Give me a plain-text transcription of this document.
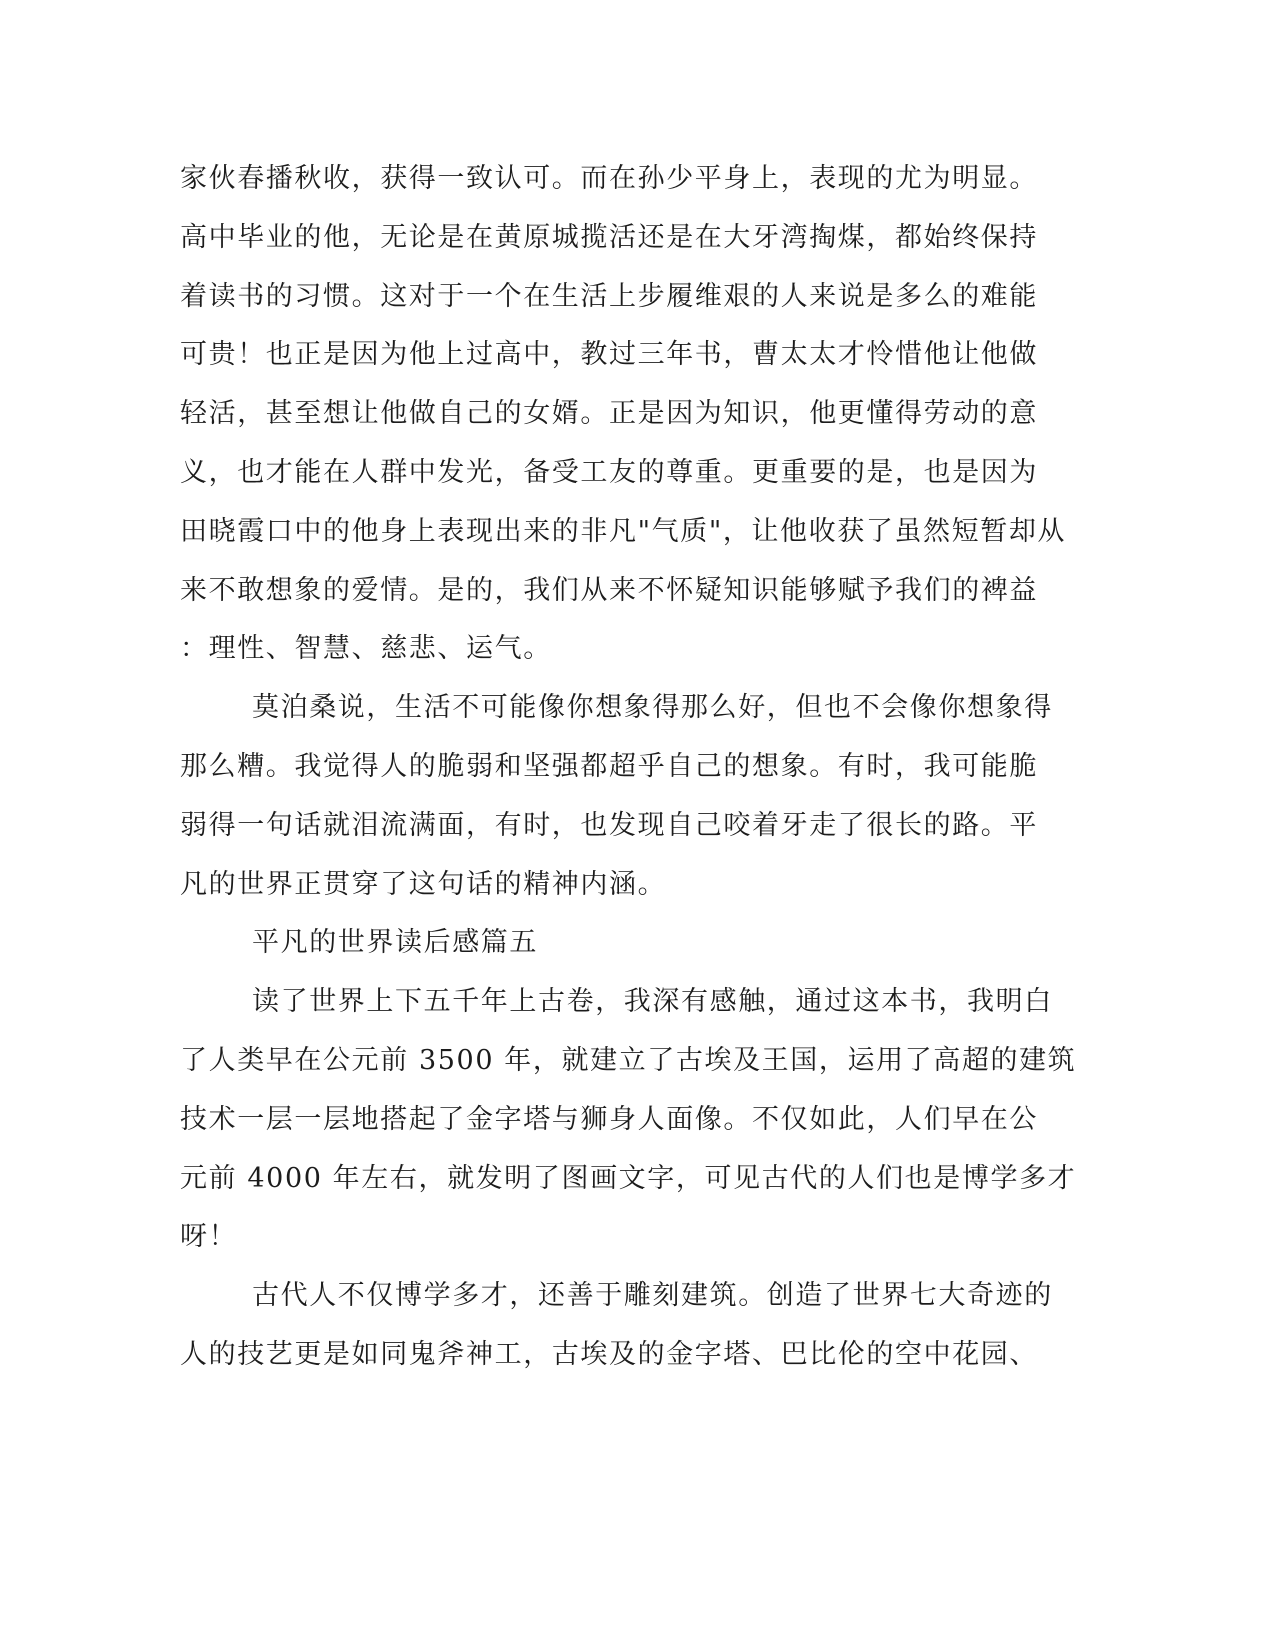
家伙春播秋收，获得一致认可。而在孙少平身上，表现的尤为明显。
高中毕业的他，无论是在黄原城揽活还是在大牙湾掏煤，都始终保持
着读书的习惯。这对于一个在生活上步履维艰的人来说是多么的难能
可贵！也正是因为他上过高中，教过三年书，曹太太才怜惜他让他做
轻活，甚至想让他做自己的女婿。正是因为知识，他更懂得劳动的意
义，也才能在人群中发光，备受工友的尊重。更重要的是，也是因为
田晓霞口中的他身上表现出来的非凡"气质"，让他收获了虽然短暂却从
来不敢想象的爱情。是的，我们从来不怀疑知识能够赋予我们的裨益
：理性、智慧、慈悲、运气。
莫泊桑说，生活不可能像你想象得那么好，但也不会像你想象得
那么糟。我觉得人的脆弱和坚强都超乎自己的想象。有时，我可能脆
弱得一句话就泪流满面，有时，也发现自己咬着牙走了很长的路。平
凡的世界正贯穿了这句话的精神内涵。
平凡的世界读后感篇五
读了世界上下五千年上古卷，我深有感触，通过这本书，我明白
了人类早在公元前 3500 年，就建立了古埃及王国，运用了高超的建筑
技术一层一层地搭起了金字塔与狮身人面像。不仅如此，人们早在公
元前 4000 年左右，就发明了图画文字，可见古代的人们也是博学多才
呀！
古代人不仅博学多才，还善于雕刻建筑。创造了世界七大奇迹的
人的技艺更是如同鬼斧神工，古埃及的金字塔、巴比伦的空中花园、
